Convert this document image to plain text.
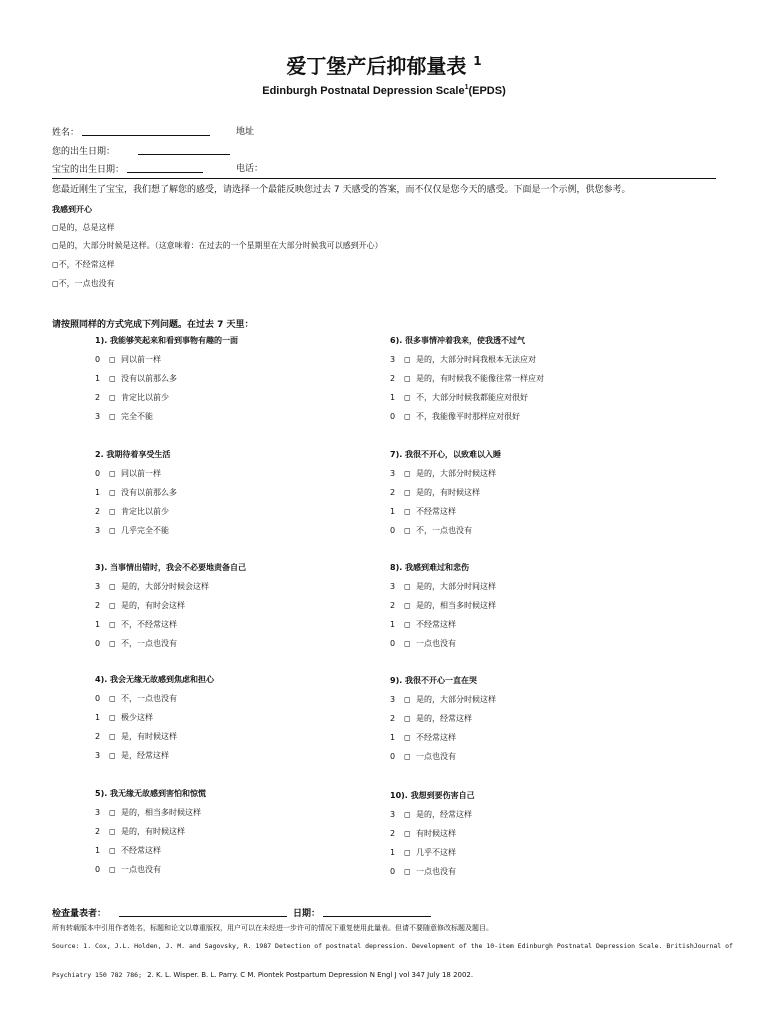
爱丁堡产后抑郁量表 $^1$
Edinburgh Postnatal Depression Scale$^1$(EPDS)
姓名：	地址
您的出生日期：
宝宝的出生日期：	电话：
您最近刚生了宝宝，我们想了解您的感受，请选择一个最能反映您过去 7 天感受的答案，而不仅仅是您今天的感受。下面是一个示例，供您参考。
我感到开心
◻是的，总是这样
◻是的，大部分时候是这样。（这意味着：在过去的一个星期里在大部分时候我可以感到开心）
◻不，不经常这样
◻不，一点也没有
请按照同样的方式完成下列问题。在过去 7 天里：
1). 我能够笑起来和看到事物有趣的一面
0 ◻ 同以前一样
1 ◻ 没有以前那么多
2 ◻ 肯定比以前少
3 ◻ 完全不能
2. 我期待着享受生活
0 ◻ 同以前一样
1 ◻ 没有以前那么多
2 ◻ 肯定比以前少
3 ◻ 几乎完全不能
3). 当事情出错时，我会不必要地责备自己
3 ◻ 是的，大部分时候会这样
2 ◻ 是的，有时会这样
1 ◻ 不，不经常这样
0 ◻ 不，一点也没有
4). 我会无缘无故感到焦虑和担心
0 ◻ 不，一点也没有
1 ◻ 极少这样
2 ◻ 是，有时候这样
3 ◻ 是，经常这样
5). 我无缘无故感到害怕和惊慌
3 ◻ 是的，相当多时候这样
2 ◻ 是的，有时候这样
1 ◻ 不经常这样
0 ◻ 一点也没有
6). 很多事情冲着我来，使我透不过气
3 ◻ 是的，大部分时间我根本无法应对
2 ◻ 是的，有时候我不能像往常一样应对
1 ◻ 不，大部分时候我都能应对很好
0 ◻ 不，我能像平时那样应对很好
7). 我很不开心，以致难以入睡
3 ◻ 是的，大部分时候这样
2 ◻ 是的，有时候这样
1 ◻ 不经常这样
0 ◻ 不，一点也没有
8). 我感到难过和悲伤
3 ◻ 是的，大部分时间这样
2 ◻ 是的，相当多时候这样
1 ◻ 不经常这样
0 ◻ 一点也没有
9). 我很不开心一直在哭
3 ◻ 是的，大部分时候这样
2 ◻ 是的，经常这样
1 ◻ 不经常这样
0 ◻ 一点也没有
10). 我想到要伤害自己
3 ◻ 是的，经常这样
2 ◻ 有时候这样
1 ◻ 几乎不这样
0 ◻ 一点也没有
检查量表者：	日期：
所有转载版本中引用作者姓名，标题和论文以尊重版权，用户可以在未经进一步许可的情况下重复使用此量表。但请不要随意修改标题及题目。
Source: 1. Cox, J.L. Holden, J. M. and Sagovsky, R. 1987 Detection of postnatal depression. Development of the 10-item Edinburgh Postnatal Depression Scale. BritishJournal of
Psychiatry 150 782 786; 2. K. L. Wisper. B. L. Parry. C M. Piontek Postpartum Depression N Engl J vol 347 July 18 2002.
